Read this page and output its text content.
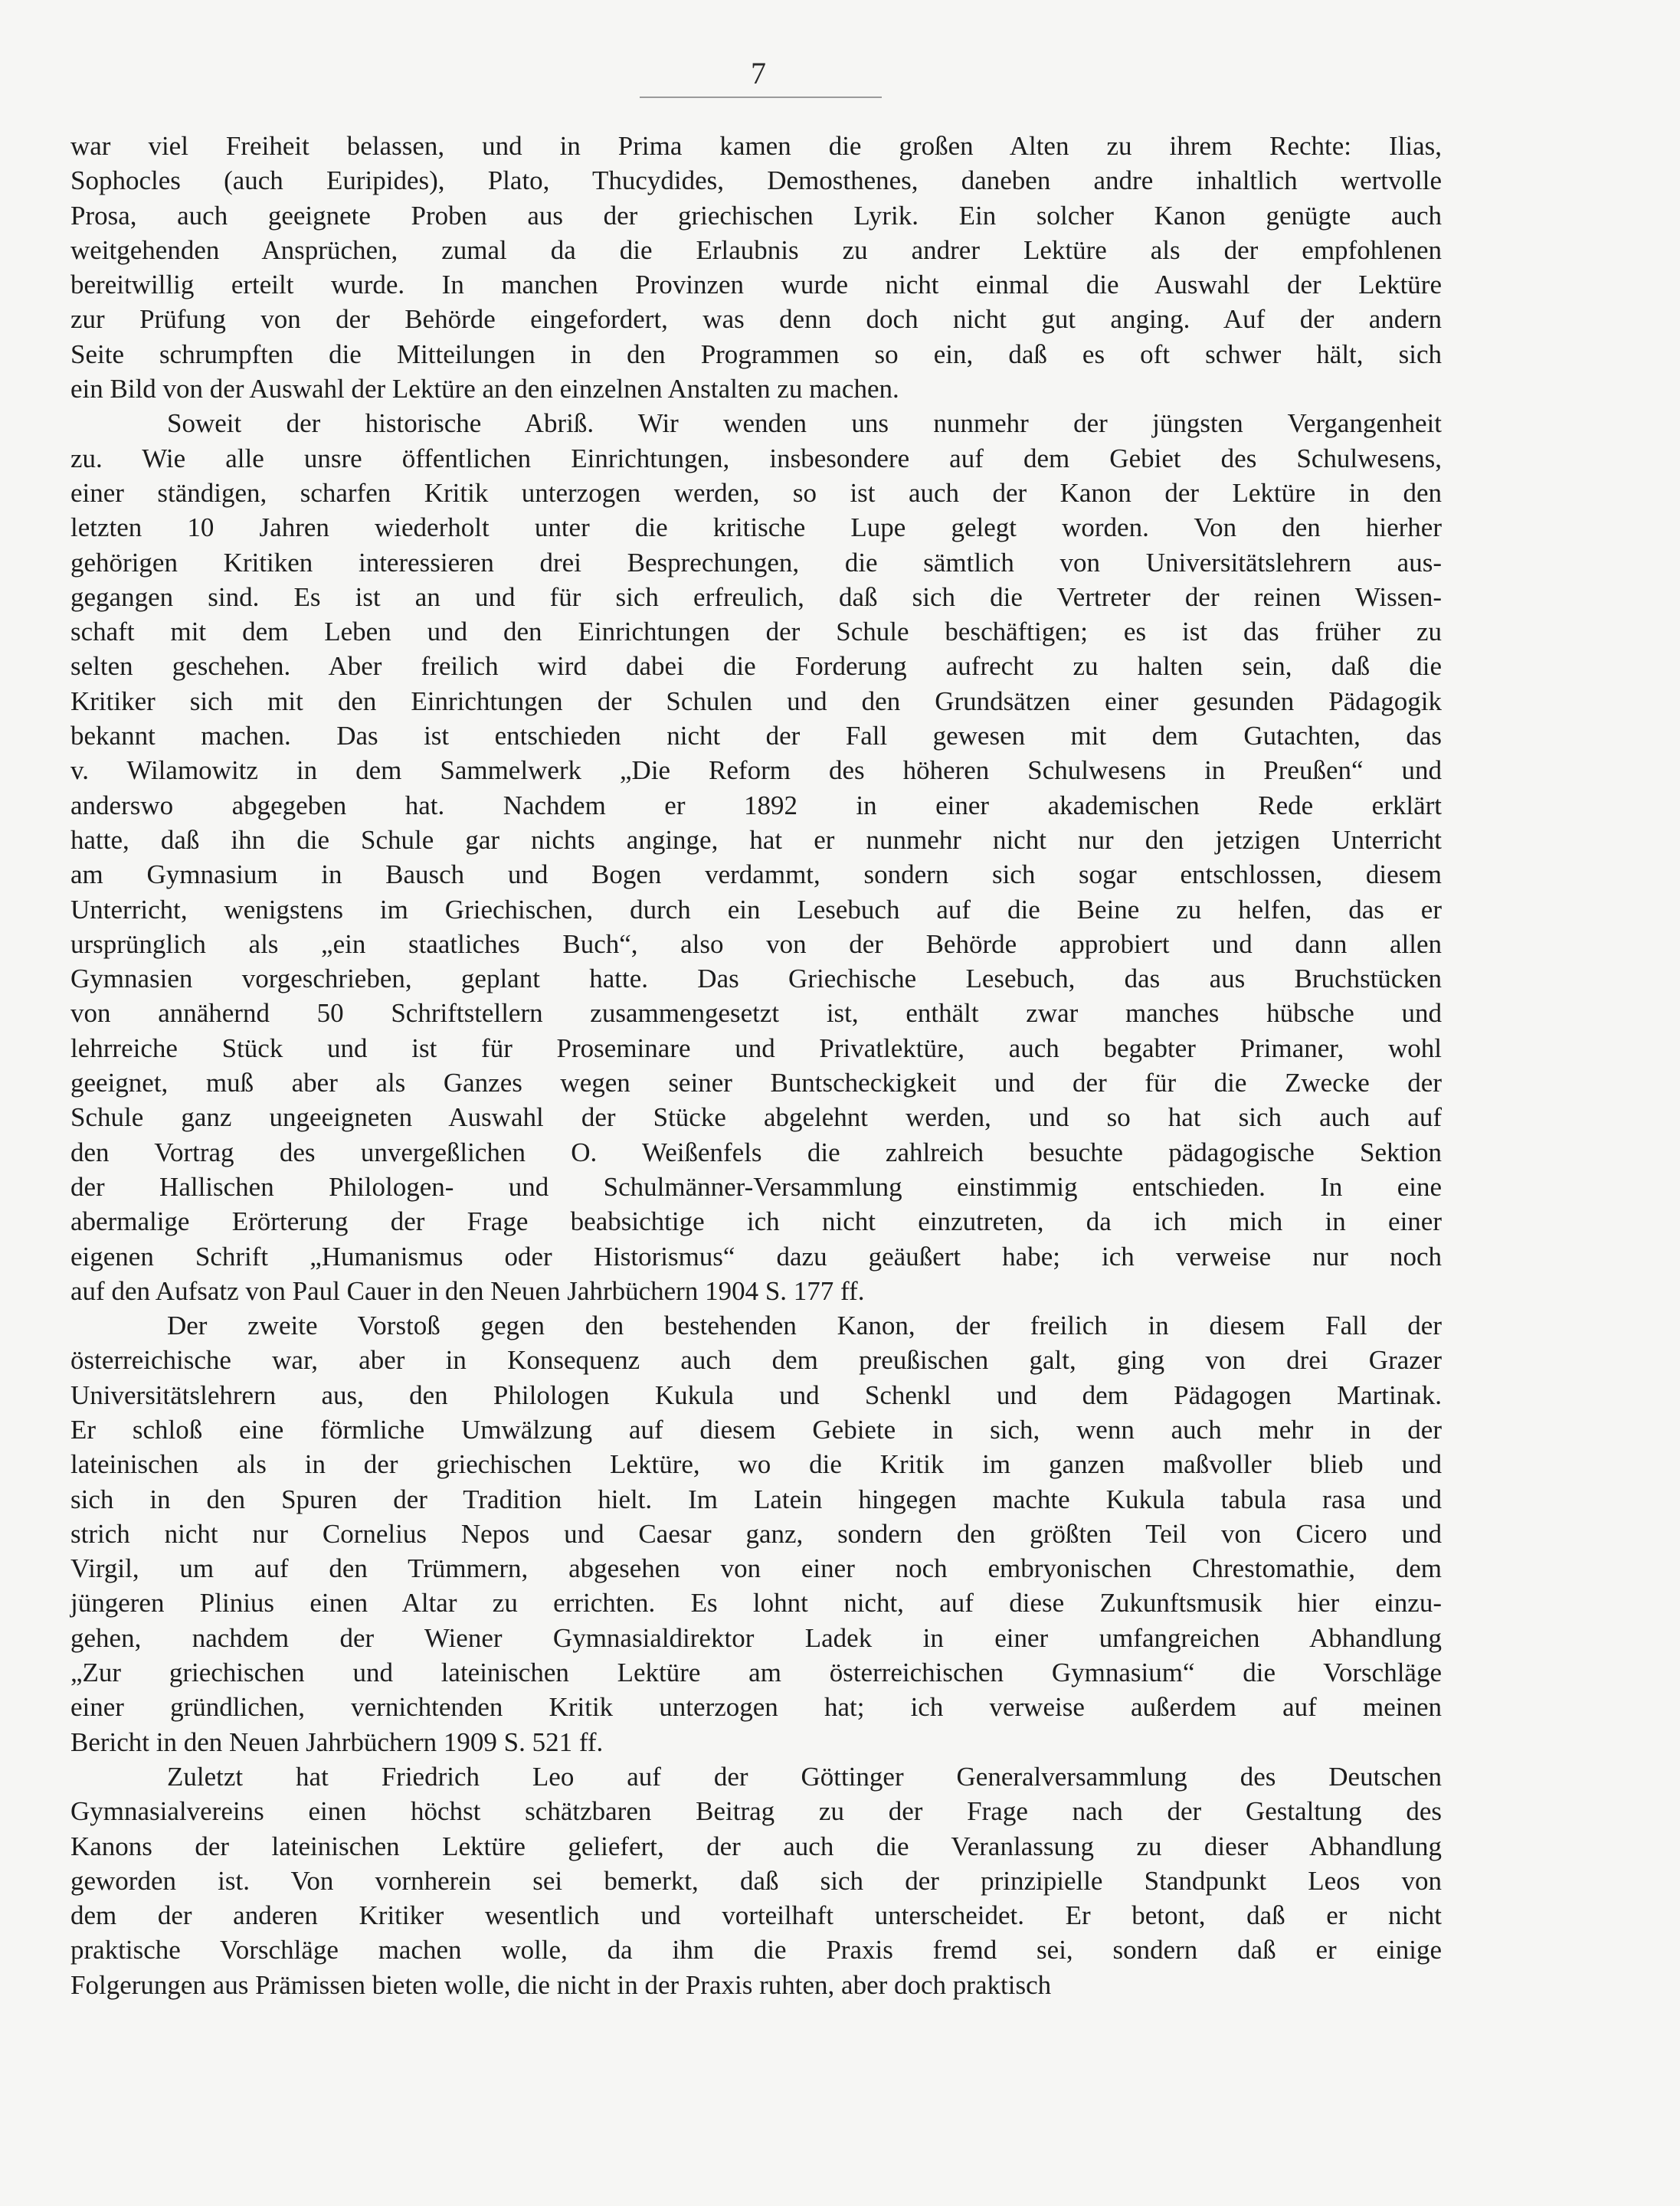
7
war viel Freiheit belassen, und in Prima kamen die großen Alten zu ihrem Rechte: Ilias,
Sophocles (auch Euripides), Plato, Thucydides, Demosthenes, daneben andre inhaltlich wertvolle
Prosa, auch geeignete Proben aus der griechischen Lyrik. Ein solcher Kanon genügte auch
weitgehenden Ansprüchen, zumal da die Erlaubnis zu andrer Lektüre als der empfohlenen
bereitwillig erteilt wurde. In manchen Provinzen wurde nicht einmal die Auswahl der Lektüre
zur Prüfung von der Behörde eingefordert, was denn doch nicht gut anging. Auf der andern
Seite schrumpften die Mitteilungen in den Programmen so ein, daß es oft schwer hält, sich
ein Bild von der Auswahl der Lektüre an den einzelnen Anstalten zu machen.
Soweit der historische Abriß. Wir wenden uns nunmehr der jüngsten Vergangenheit
zu. Wie alle unsre öffentlichen Einrichtungen, insbesondere auf dem Gebiet des Schulwesens,
einer ständigen, scharfen Kritik unterzogen werden, so ist auch der Kanon der Lektüre in den
letzten 10 Jahren wiederholt unter die kritische Lupe gelegt worden. Von den hierher
gehörigen Kritiken interessieren drei Besprechungen, die sämtlich von Universitätslehrern aus-
gegangen sind. Es ist an und für sich erfreulich, daß sich die Vertreter der reinen Wissen-
schaft mit dem Leben und den Einrichtungen der Schule beschäftigen; es ist das früher zu
selten geschehen. Aber freilich wird dabei die Forderung aufrecht zu halten sein, daß die
Kritiker sich mit den Einrichtungen der Schulen und den Grundsätzen einer gesunden Pädagogik
bekannt machen. Das ist entschieden nicht der Fall gewesen mit dem Gutachten, das
v. Wilamowitz in dem Sammelwerk „Die Reform des höheren Schulwesens in Preußen“ und
anderswo abgegeben hat. Nachdem er 1892 in einer akademischen Rede erklärt
hatte, daß ihn die Schule gar nichts anginge, hat er nunmehr nicht nur den jetzigen Unterricht
am Gymnasium in Bausch und Bogen verdammt, sondern sich sogar entschlossen, diesem
Unterricht, wenigstens im Griechischen, durch ein Lesebuch auf die Beine zu helfen, das er
ursprünglich als „ein staatliches Buch“, also von der Behörde approbiert und dann allen
Gymnasien vorgeschrieben, geplant hatte. Das Griechische Lesebuch, das aus Bruchstücken
von annähernd 50 Schriftstellern zusammengesetzt ist, enthält zwar manches hübsche und
lehrreiche Stück und ist für Proseminare und Privatlektüre, auch begabter Primaner, wohl
geeignet, muß aber als Ganzes wegen seiner Buntscheckigkeit und der für die Zwecke der
Schule ganz ungeeigneten Auswahl der Stücke abgelehnt werden, und so hat sich auch auf
den Vortrag des unvergeßlichen O. Weißenfels die zahlreich besuchte pädagogische Sektion
der Hallischen Philologen- und Schulmänner-Versammlung einstimmig entschieden. In eine
abermalige Erörterung der Frage beabsichtige ich nicht einzutreten, da ich mich in einer
eigenen Schrift „Humanismus oder Historismus“ dazu geäußert habe; ich verweise nur noch
auf den Aufsatz von Paul Cauer in den Neuen Jahrbüchern 1904 S. 177 ff.
Der zweite Vorstoß gegen den bestehenden Kanon, der freilich in diesem Fall der
österreichische war, aber in Konsequenz auch dem preußischen galt, ging von drei Grazer
Universitätslehrern aus, den Philologen Kukula und Schenkl und dem Pädagogen Martinak.
Er schloß eine förmliche Umwälzung auf diesem Gebiete in sich, wenn auch mehr in der
lateinischen als in der griechischen Lektüre, wo die Kritik im ganzen maßvoller blieb und
sich in den Spuren der Tradition hielt. Im Latein hingegen machte Kukula tabula rasa und
strich nicht nur Cornelius Nepos und Caesar ganz, sondern den größten Teil von Cicero und
Virgil, um auf den Trümmern, abgesehen von einer noch embryonischen Chrestomathie, dem
jüngeren Plinius einen Altar zu errichten. Es lohnt nicht, auf diese Zukunftsmusik hier einzu-
gehen, nachdem der Wiener Gymnasialdirektor Ladek in einer umfangreichen Abhandlung
„Zur griechischen und lateinischen Lektüre am österreichischen Gymnasium“ die Vorschläge
einer gründlichen, vernichtenden Kritik unterzogen hat; ich verweise außerdem auf meinen
Bericht in den Neuen Jahrbüchern 1909 S. 521 ff.
Zuletzt hat Friedrich Leo auf der Göttinger Generalversammlung des Deutschen
Gymnasialvereins einen höchst schätzbaren Beitrag zu der Frage nach der Gestaltung des
Kanons der lateinischen Lektüre geliefert, der auch die Veranlassung zu dieser Abhandlung
geworden ist. Von vornherein sei bemerkt, daß sich der prinzipielle Standpunkt Leos von
dem der anderen Kritiker wesentlich und vorteilhaft unterscheidet. Er betont, daß er nicht
praktische Vorschläge machen wolle, da ihm die Praxis fremd sei, sondern daß er einige
Folgerungen aus Prämissen bieten wolle, die nicht in der Praxis ruhten, aber doch praktisch
